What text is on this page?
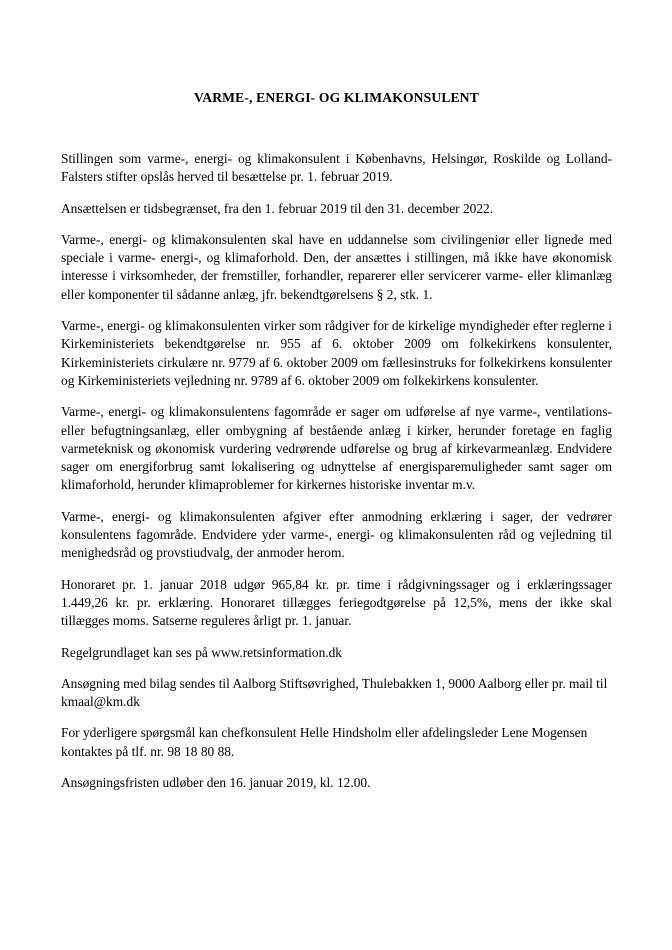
VARME-, ENERGI- OG KLIMAKONSULENT

Stillingen som varme-, energi- og klimakonsulent i Københavns, Helsingør, Roskilde og Lolland-Falsters stifter opslås herved til besættelse pr. 1. februar 2019.

Ansættelsen er tidsbegrænset, fra den 1. februar 2019 til den 31. december 2022.

Varme-, energi- og klimakonsulenten skal have en uddannelse som civilingeniør eller lignede med speciale i varme- energi-, og klimaforhold. Den, der ansættes i stillingen, må ikke have økonomisk interesse i virksomheder, der fremstiller, forhandler, reparerer eller servicerer varme- eller klimanlæg eller komponenter til sådanne anlæg, jfr. bekendtgørelsens § 2, stk. 1.

Varme-, energi- og klimakonsulenten virker som rådgiver for de kirkelige myndigheder efter reglerne i Kirkeministeriets bekendtgørelse nr. 955 af 6. oktober 2009 om folkekirkens konsulenter, Kirkeministeriets cirkulære nr. 9779 af 6. oktober 2009 om fællesinstruks for folkekirkens konsulenter og Kirkeministeriets vejledning nr. 9789 af 6. oktober 2009 om folkekirkens konsulenter.

Varme-, energi- og klimakonsulentens fagområde er sager om udførelse af nye varme-, ventilations- eller befugtningsanlæg, eller ombygning af bestående anlæg i kirker, herunder foretage en faglig varmeteknisk og økonomisk vurdering vedrørende udførelse og brug af kirkevarmeanlæg. Endvidere sager om energiforbrug samt lokalisering og udnyttelse af energisparemuligheder samt sager om klimaforhold, herunder klimaproblemer for kirkernes historiske inventar m.v.

Varme-, energi- og klimakonsulenten afgiver efter anmodning erklæring i sager, der vedrører konsulentens fagområde. Endvidere yder varme-, energi- og klimakonsulenten råd og vejledning til menighedsråd og provstiudvalg, der anmoder herom.

Honoraret pr. 1. januar 2018 udgør 965,84 kr. pr. time i rådgivningssager og i erklæringssager 1.449,26 kr. pr. erklæring. Honoraret tillægges feriegodtgørelse på 12,5%, mens der ikke skal tillægges moms. Satserne reguleres årligt pr. 1. januar.

Regelgrundlaget kan ses på www.retsinformation.dk

Ansøgning med bilag sendes til Aalborg Stiftsøvrighed, Thulebakken 1, 9000 Aalborg eller pr. mail til kmaal@km.dk

For yderligere spørgsmål kan chefkonsulent Helle Hindsholm eller afdelingsleder Lene Mogensen kontaktes på tlf. nr. 98 18 80 88.

Ansøgningsfristen udløber den 16. januar 2019, kl. 12.00.
